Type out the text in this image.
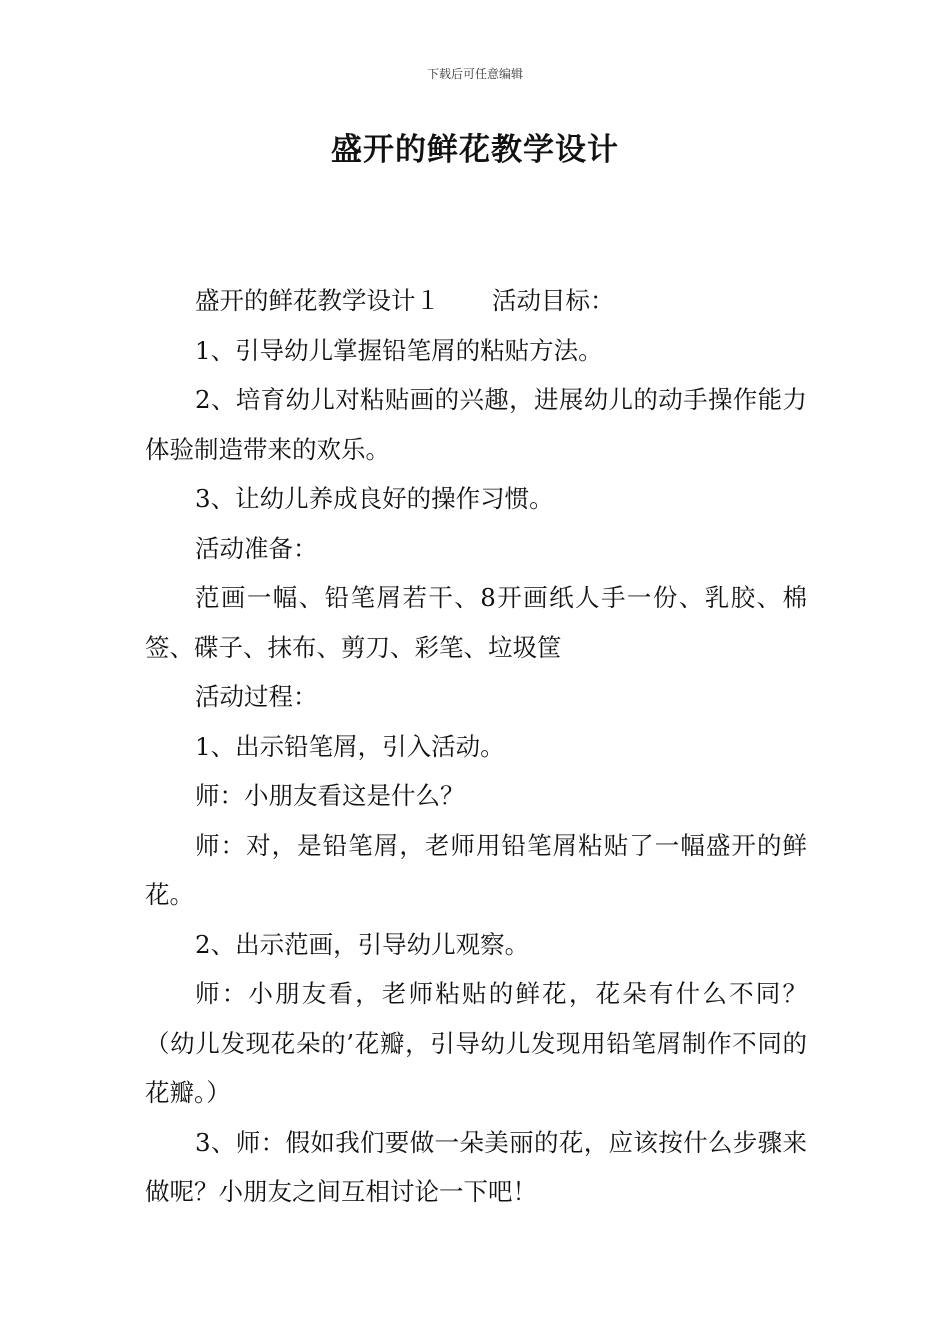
下载后可任意编辑
盛开的鲜花教学设计

盛开的鲜花教学设计１ 活动目标：

1、引导幼儿掌握铅笔屑的粘贴方法。

2、培育幼儿对粘贴画的兴趣，进展幼儿的动手操作能力体验制造带来的欢乐。

3、让幼儿养成良好的操作习惯。

活动准备：

范画一幅、铅笔屑若干、8开画纸人手一份、乳胶、棉签、碟子、抹布、剪刀、彩笔、垃圾筐

活动过程：

1、出示铅笔屑，引入活动。

师：小朋友看这是什么？

师：对，是铅笔屑，老师用铅笔屑粘贴了一幅盛开的鲜花。

2、出示范画，引导幼儿观察。

师：小朋友看，老师粘贴的鲜花，花朵有什么不同？（幼儿发现花朵的’花瓣，引导幼儿发现用铅笔屑制作不同的花瓣。）

3、师：假如我们要做一朵美丽的花，应该按什么步骤来做呢？小朋友之间互相讨论一下吧！
